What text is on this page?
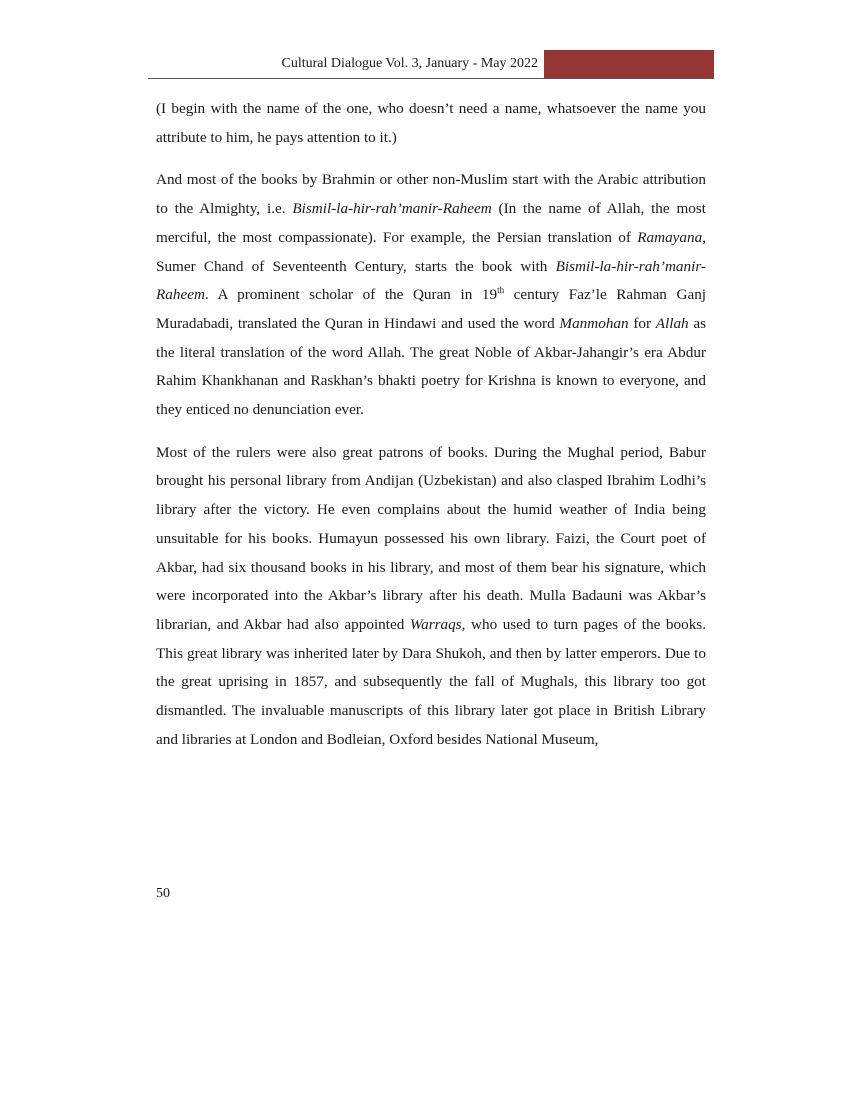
Cultural Dialogue Vol. 3, January - May 2022

(I begin with the name of the one, who doesn’t need a name, whatsoever the name you attribute to him, he pays attention to it.)

And most of the books by Brahmin or other non-Muslim start with the Arabic attribution to the Almighty, i.e. Bismil-la-hir-rah’manir-Raheem (In the name of Allah, the most merciful, the most compassionate). For example, the Persian translation of Ramayana, Sumer Chand of Seventeenth Century, starts the book with Bismil-la-hir-rah’manir-Raheem. A prominent scholar of the Quran in 19th century Faz’le Rahman Ganj Muradabadi, translated the Quran in Hindawi and used the word Manmohan for Allah as the literal translation of the word Allah. The great Noble of Akbar-Jahangir’s era Abdur Rahim Khankhanan and Raskhan’s bhakti poetry for Krishna is known to everyone, and they enticed no denunciation ever.

Most of the rulers were also great patrons of books. During the Mughal period, Babur brought his personal library from Andijan (Uzbekistan) and also clasped Ibrahim Lodhi’s library after the victory. He even complains about the humid weather of India being unsuitable for his books. Humayun possessed his own library. Faizi, the Court poet of Akbar, had six thousand books in his library, and most of them bear his signature, which were incorporated into the Akbar’s library after his death. Mulla Badauni was Akbar’s librarian, and Akbar had also appointed Warraqs, who used to turn pages of the books. This great library was inherited later by Dara Shukoh, and then by latter emperors. Due to the great uprising in 1857, and subsequently the fall of Mughals, this library too got dismantled. The invaluable manuscripts of this library later got place in British Library and libraries at London and Bodleian, Oxford besides National Museum,

50
